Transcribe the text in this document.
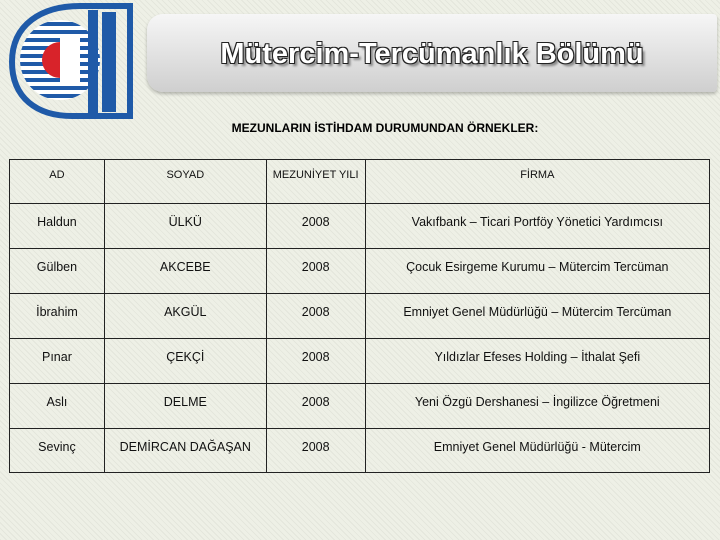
Mütercim-Tercümanlık Bölümü
MEZUNLARIN İSTİHDAM DURUMUNDAN ÖRNEKLER:
AD	SOYAD	MEZUNİYET YILI	FİRMA
Haldun	ÜLKÜ	2008	Vakıfbank – Ticari Portföy Yönetici Yardımcısı
Gülben	AKCEBE	2008	Çocuk Esirgeme Kurumu – Mütercim Tercüman
İbrahim	AKGÜL	2008	Emniyet Genel Müdürlüğü – Mütercim Tercüman
Pınar	ÇEKÇİ	2008	Yıldızlar Efeses Holding – İthalat Şefi
Aslı	DELME	2008	Yeni Özgü Dershanesi – İngilizce Öğretmeni
Sevinç	DEMİRCAN DAĞAŞAN	2008	Emniyet Genel Müdürlüğü - Mütercim
